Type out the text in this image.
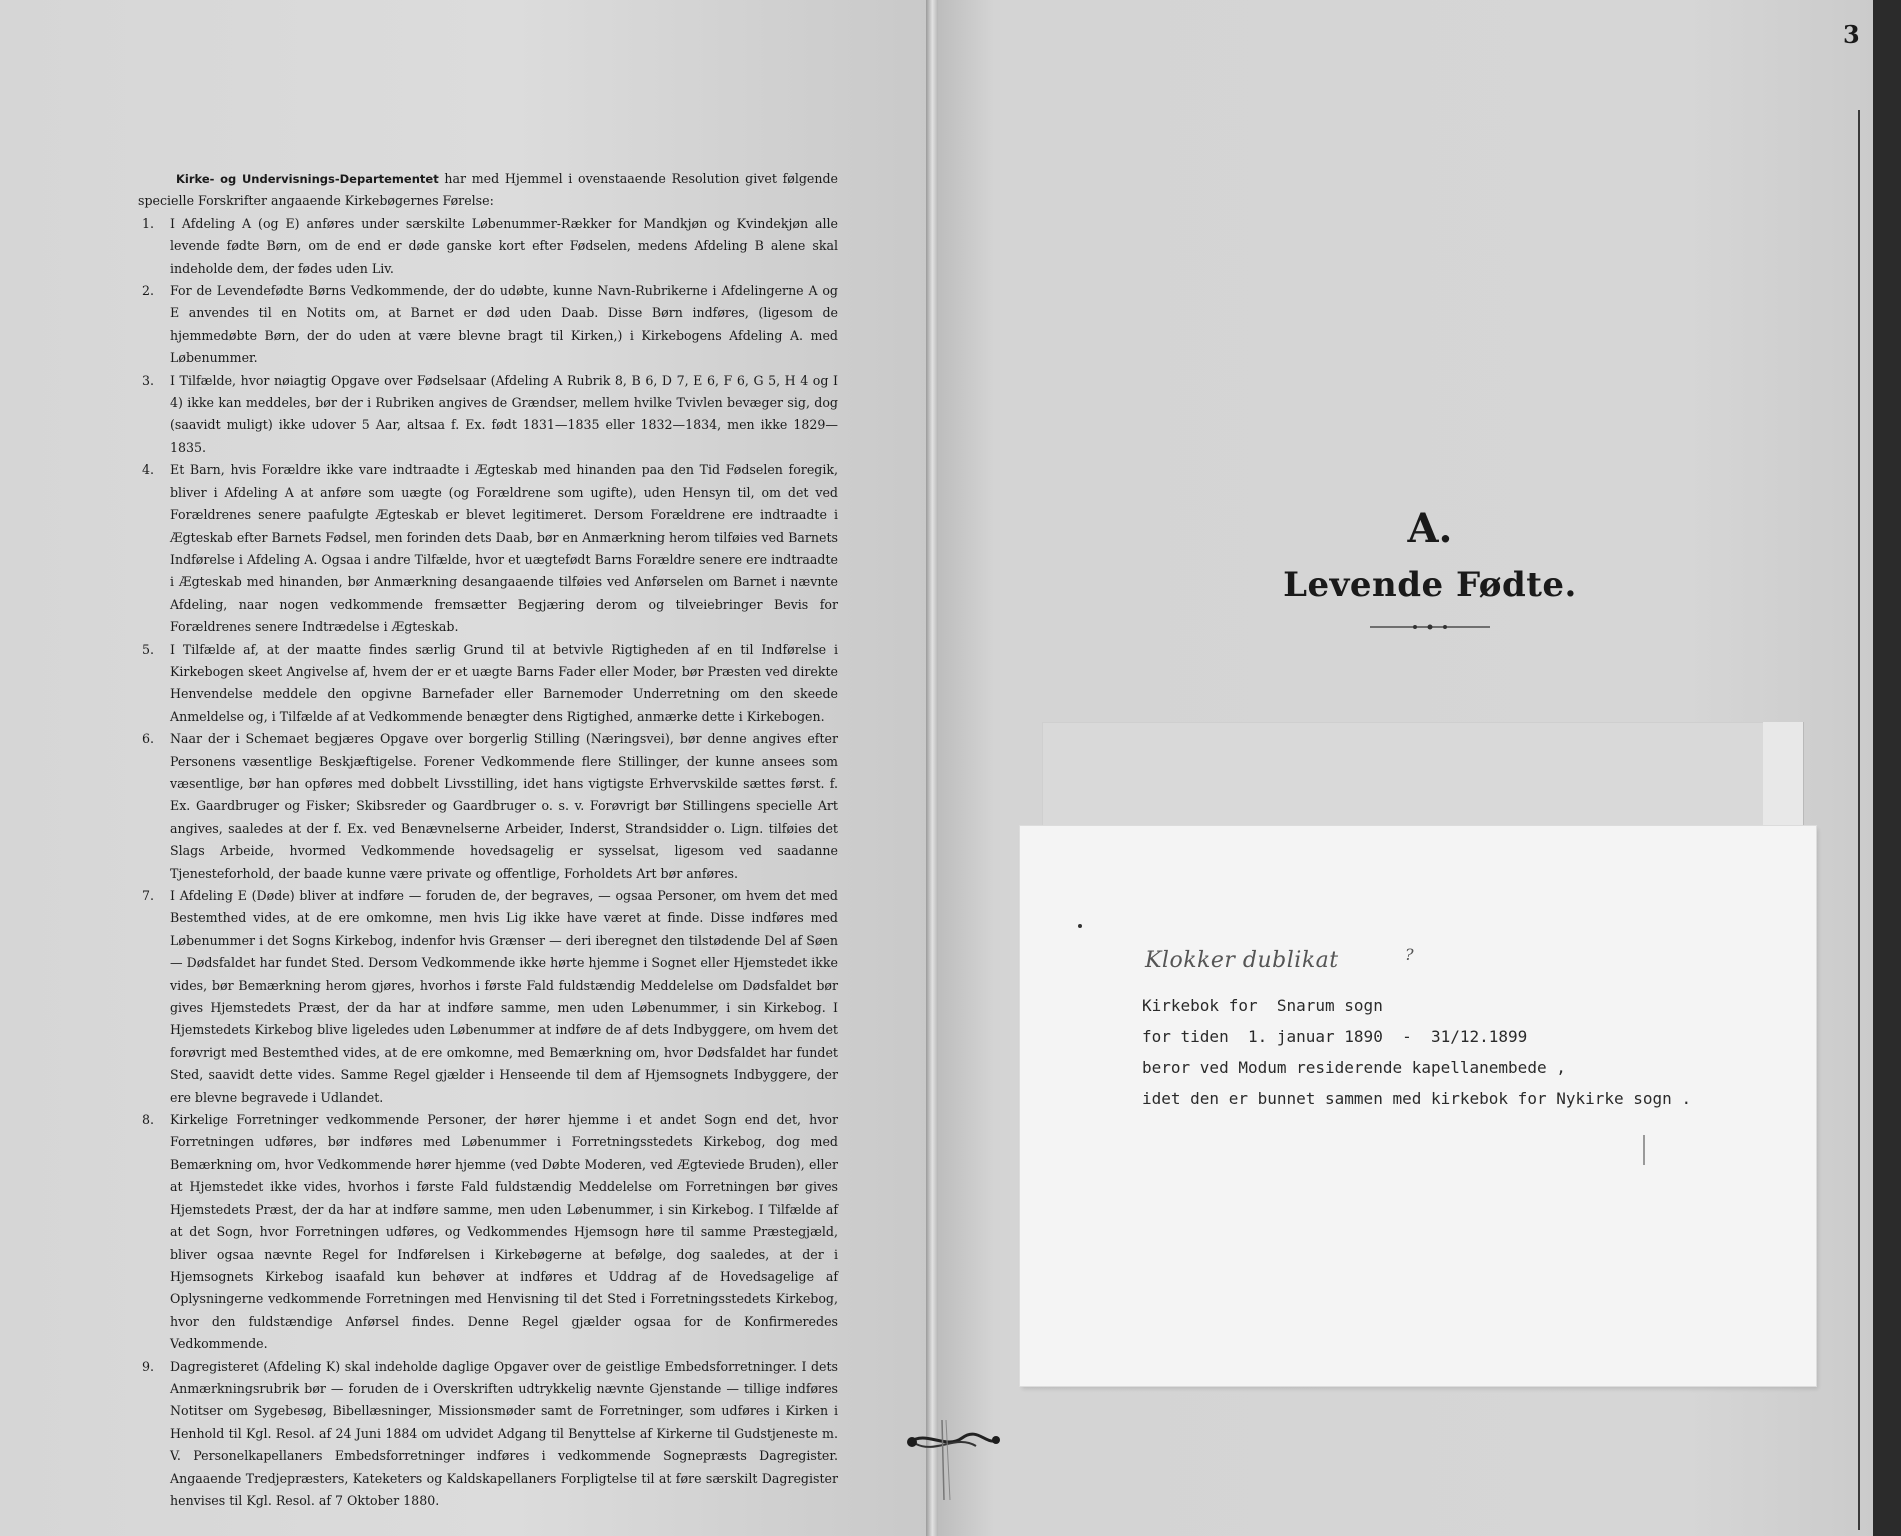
Kirke- og Undervisnings-Departementet har med Hjemmel i ovenstaaende Resolution givet følgende specielle Forskrifter angaaende Kirkebøgernes Førelse:

1.	I Afdeling A (og E) anføres under særskilte Løbenummer-Rækker for Mandkjøn og Kvindekjøn alle levende fødte Børn, om de end er døde ganske kort efter Fødselen, medens Afdeling B alene skal indeholde dem, der fødes uden Liv.
2.	For de Levendefødte Børns Vedkommende, der do udøbte, kunne Navn-Rubrikerne i Afdelingerne A og E anvendes til en Notits om, at Barnet er død uden Daab. Disse Børn indføres, (ligesom de hjemmedøbte Børn, der do uden at være blevne bragt til Kirken,) i Kirkebogens Afdeling A. med Løbenummer.
3.	I Tilfælde, hvor nøiagtig Opgave over Fødselsaar (Afdeling A Rubrik 8, B 6, D 7, E 6, F 6, G 5, H 4 og I 4) ikke kan meddeles, bør der i Rubriken angives de Grændser, mellem hvilke Tvivlen bevæger sig, dog (saavidt muligt) ikke udover 5 Aar, altsaa f. Ex. født 1831—1835 eller 1832—1834, men ikke 1829—1835.
4.	Et Barn, hvis Forældre ikke vare indtraadte i Ægteskab med hinanden paa den Tid Fødselen foregik, bliver i Afdeling A at anføre som uægte (og Forældrene som ugifte), uden Hensyn til, om det ved Forældrenes senere paafulgte Ægteskab er blevet legitimeret. Dersom Forældrene ere indtraadte i Ægteskab efter Barnets Fødsel, men forinden dets Daab, bør en Anmærkning herom tilføies ved Barnets Indførelse i Afdeling A. Ogsaa i andre Tilfælde, hvor et uægtefødt Barns Forældre senere ere indtraadte i Ægteskab med hinanden, bør Anmærkning desangaaende tilføies ved Anførselen om Barnet i nævnte Afdeling, naar nogen vedkommende fremsætter Begjæring derom og tilveiebringer Bevis for Forældrenes senere Indtrædelse i Ægteskab.
5.	I Tilfælde af, at der maatte findes særlig Grund til at betvivle Rigtigheden af en til Indførelse i Kirkebogen skeet Angivelse af, hvem der er et uægte Barns Fader eller Moder, bør Præsten ved direkte Henvendelse meddele den opgivne Barnefader eller Barnemoder Underretning om den skeede Anmeldelse og, i Tilfælde af at Vedkommende benægter dens Rigtighed, anmærke dette i Kirkebogen.
6.	Naar der i Schemaet begjæres Opgave over borgerlig Stilling (Næringsvei), bør denne angives efter Personens væsentlige Beskjæftigelse. Forener Vedkommende flere Stillinger, der kunne ansees som væsentlige, bør han opføres med dobbelt Livsstilling, idet hans vigtigste Erhvervskilde sættes først. f. Ex. Gaardbruger og Fisker; Skibsreder og Gaardbruger o. s. v. Forøvrigt bør Stillingens specielle Art angives, saaledes at der f. Ex. ved Benævnelserne Arbeider, Inderst, Strandsidder o. Lign. tilføies det Slags Arbeide, hvormed Vedkommende hovedsagelig er sysselsat, ligesom ved saadanne Tjenesteforhold, der baade kunne være private og offentlige, Forholdets Art bør anføres.
7.	I Afdeling E (Døde) bliver at indføre — foruden de, der begraves, — ogsaa Personer, om hvem det med Bestemthed vides, at de ere omkomne, men hvis Lig ikke have været at finde. Disse indføres med Løbenummer i det Sogns Kirkebog, indenfor hvis Grænser — deri iberegnet den tilstødende Del af Søen — Dødsfaldet har fundet Sted. Dersom Vedkommende ikke hørte hjemme i Sognet eller Hjemstedet ikke vides, bør Bemærkning herom gjøres, hvorhos i første Fald fuldstændig Meddelelse om Dødsfaldet bør gives Hjemstedets Præst, der da har at indføre samme, men uden Løbenummer, i sin Kirkebog. I Hjemstedets Kirkebog blive ligeledes uden Løbenummer at indføre de af dets Indbyggere, om hvem det forøvrigt med Bestemthed vides, at de ere omkomne, med Bemærkning om, hvor Dødsfaldet har fundet Sted, saavidt dette vides. Samme Regel gjælder i Henseende til dem af Hjemsognets Indbyggere, der ere blevne begravede i Udlandet.
8.	Kirkelige Forretninger vedkommende Personer, der hører hjemme i et andet Sogn end det, hvor Forretningen udføres, bør indføres med Løbenummer i Forretningsstedets Kirkebog, dog med Bemærkning om, hvor Vedkommende hører hjemme (ved Døbte Moderen, ved Ægteviede Bruden), eller at Hjemstedet ikke vides, hvorhos i første Fald fuldstændig Meddelelse om Forretningen bør gives Hjemstedets Præst, der da har at indføre samme, men uden Løbenummer, i sin Kirkebog. I Tilfælde af at det Sogn, hvor Forretningen udføres, og Vedkommendes Hjemsogn høre til samme Præstegjæld, bliver ogsaa nævnte Regel for Indførelsen i Kirkebøgerne at befølge, dog saaledes, at der i Hjemsognets Kirkebog isaafald kun behøver at indføres et Uddrag af de Hovedsagelige af Oplysningerne vedkommende Forretningen med Henvisning til det Sted i Forretningsstedets Kirkebog, hvor den fuldstændige Anførsel findes. Denne Regel gjælder ogsaa for de Konfirmeredes Vedkommende.
9.	Dagregisteret (Afdeling K) skal indeholde daglige Opgaver over de geistlige Embedsforretninger. I dets Anmærkningsrubrik bør — foruden de i Overskriften udtrykkelig nævnte Gjenstande — tillige indføres Notitser om Sygebesøg, Bibellæsninger, Missionsmøder samt de Forretninger, som udføres i Kirken i Henhold til Kgl. Resol. af 24 Juni 1884 om udvidet Adgang til Benyttelse af Kirkerne til Gudstjeneste m. V. Personelkapellaners Embedsforretninger indføres i vedkommende Sognepræsts Dagregister. Angaaende Tredjepræsters, Kateketers og Kaldskapellaners Forpligtelse til at føre særskilt Dagregister henvises til Kgl. Resol. af 7 Oktober 1880.
3
A.
Levende Fødte.
Klokker dublikat	?
Kirkebok for  Snarum sogn
for tiden  1. januar 1890  -  31/12.1899
beror ved Modum residerende kapellanembede ,
idet den er bunnet sammen med kirkebok for Nykirke sogn .
